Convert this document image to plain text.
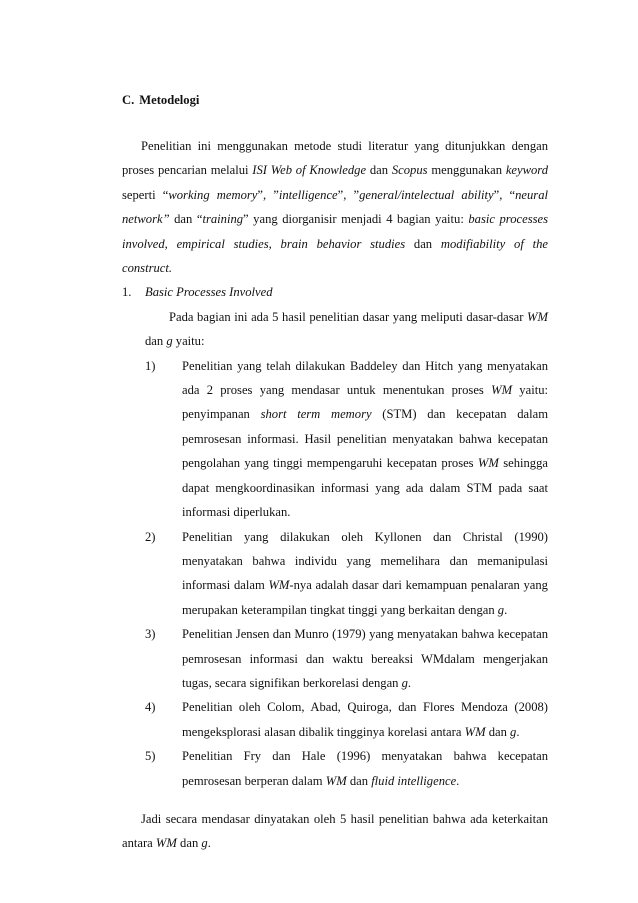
C. Metodelogi

Penelitian ini menggunakan metode studi literatur yang ditunjukkan dengan proses pencarian melalui ISI Web of Knowledge dan Scopus menggunakan keyword seperti “working memory”, ”intelligence”, ”general/intelectual ability”, “neural network” dan “training” yang diorganisir menjadi 4 bagian yaitu: basic processes involved, empirical studies, brain behavior studies dan modifiability of the construct.

1.	Basic Processes Involved

Pada bagian ini ada 5 hasil penelitian dasar yang meliputi dasar-dasar WM dan g yaitu:

1) Penelitian yang telah dilakukan Baddeley dan Hitch yang menyatakan ada 2 proses yang mendasar untuk menentukan proses WM yaitu: penyimpanan short term memory (STM) dan kecepatan dalam pemrosesan informasi. Hasil penelitian menyatakan bahwa kecepatan pengolahan yang tinggi mempengaruhi kecepatan proses WM sehingga dapat mengkoordinasikan informasi yang ada dalam STM pada saat informasi diperlukan.
2) Penelitian yang dilakukan oleh Kyllonen dan Christal (1990) menyatakan bahwa individu yang memelihara dan memanipulasi informasi dalam WM-nya adalah dasar dari kemampuan penalaran yang merupakan keterampilan tingkat tinggi yang berkaitan dengan g.
3) Penelitian Jensen dan Munro (1979) yang menyatakan bahwa kecepatan pemrosesan informasi dan waktu bereaksi WMdalam mengerjakan tugas, secara signifikan berkorelasi dengan g.
4) Penelitian oleh Colom, Abad, Quiroga, dan Flores Mendoza (2008) mengeksplorasi alasan dibalik tingginya korelasi antara WM dan g.
5) Penelitian Fry dan Hale (1996) menyatakan bahwa kecepatan pemrosesan berperan dalam WM dan fluid intelligence.

Jadi secara mendasar dinyatakan oleh 5 hasil penelitian bahwa ada keterkaitan antara WM dan g.
